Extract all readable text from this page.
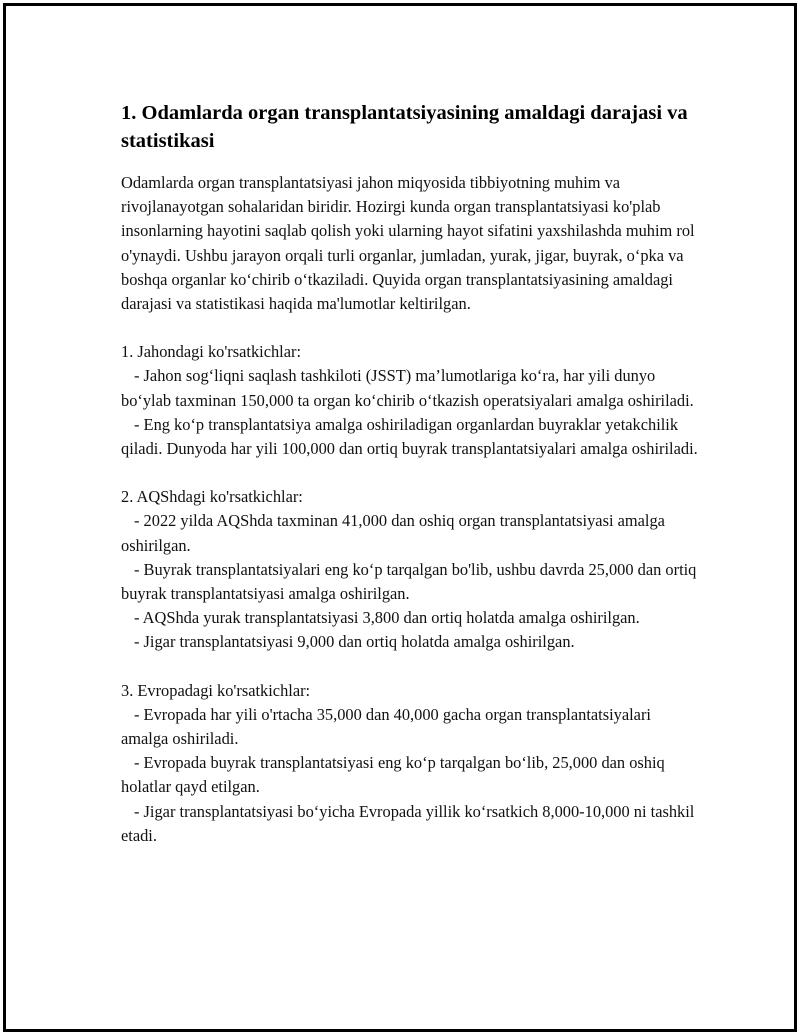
1. Odamlarda organ transplantatsiyasining amaldagi darajasi va statistikasi

Odamlarda organ transplantatsiyasi jahon miqyosida tibbiyotning muhim va rivojlanayotgan sohalaridan biridir. Hozirgi kunda organ transplantatsiyasi ko'plab insonlarning hayotini saqlab qolish yoki ularning hayot sifatini yaxshilashda muhim rol o'ynaydi. Ushbu jarayon orqali turli organlar, jumladan, yurak, jigar, buyrak, o‘pka va boshqa organlar ko‘chirib o‘tkaziladi. Quyida organ transplantatsiyasining amaldagi darajasi va statistikasi haqida ma'lumotlar keltirilgan.

1. Jahondagi ko'rsatkichlar:

- Jahon sog‘liqni saqlash tashkiloti (JSST) ma’lumotlariga ko‘ra, har yili dunyo bo‘ylab taxminan 150,000 ta organ ko‘chirib o‘tkazish operatsiyalari amalga oshiriladi.

- Eng ko‘p transplantatsiya amalga oshiriladigan organlardan buyraklar yetakchilik qiladi. Dunyoda har yili 100,000 dan ortiq buyrak transplantatsiyalari amalga oshiriladi.

2. AQShdagi ko'rsatkichlar:

- 2022 yilda AQShda taxminan 41,000 dan oshiq organ transplantatsiyasi amalga oshirilgan.

- Buyrak transplantatsiyalari eng ko‘p tarqalgan bo'lib, ushbu davrda 25,000 dan ortiq buyrak transplantatsiyasi amalga oshirilgan.

- AQShda yurak transplantatsiyasi 3,800 dan ortiq holatda amalga oshirilgan.

- Jigar transplantatsiyasi 9,000 dan ortiq holatda amalga oshirilgan.

3. Evropadagi ko'rsatkichlar:

- Evropada har yili o'rtacha 35,000 dan 40,000 gacha organ transplantatsiyalari amalga oshiriladi.

- Evropada buyrak transplantatsiyasi eng ko‘p tarqalgan bo‘lib, 25,000 dan oshiq holatlar qayd etilgan.

- Jigar transplantatsiyasi bo‘yicha Evropada yillik ko‘rsatkich 8,000-10,000 ni tashkil etadi.
